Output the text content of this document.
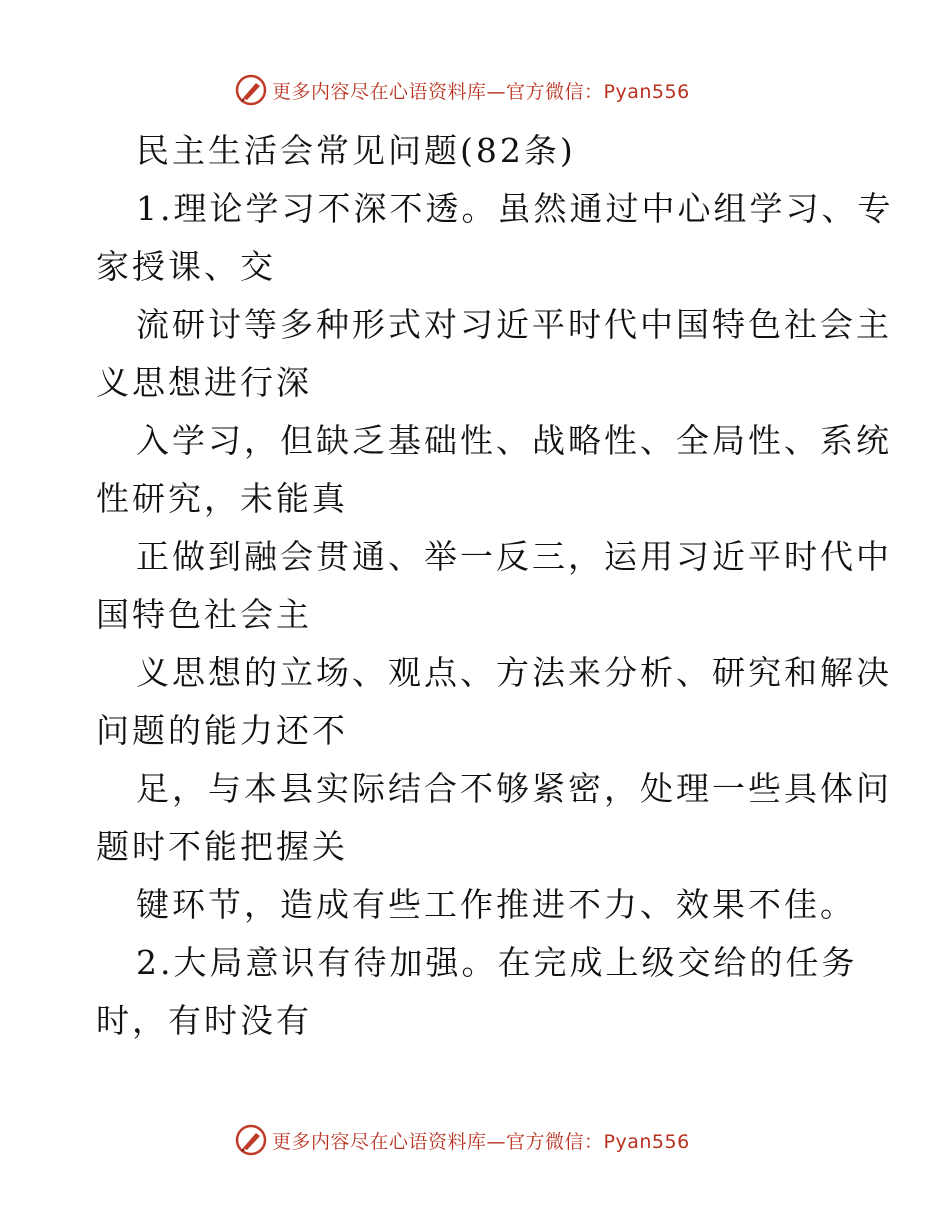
更多内容尽在心语资料库—官方微信：Pyan556
民主生活会常见问题(82条)
1.理论学习不深不透。虽然通过中心组学习、专
家授课、交
流研讨等多种形式对习近平时代中国特色社会主
义思想进行深
入学习，但缺乏基础性、战略性、全局性、系统
性研究，未能真
正做到融会贯通、举一反三，运用习近平时代中
国特色社会主
义思想的立场、观点、方法来分析、研究和解决
问题的能力还不
足，与本县实际结合不够紧密，处理一些具体问
题时不能把握关
键环节，造成有些工作推进不力、效果不佳。
2.大局意识有待加强。在完成上级交给的任务
时，有时没有
更多内容尽在心语资料库—官方微信：Pyan556
